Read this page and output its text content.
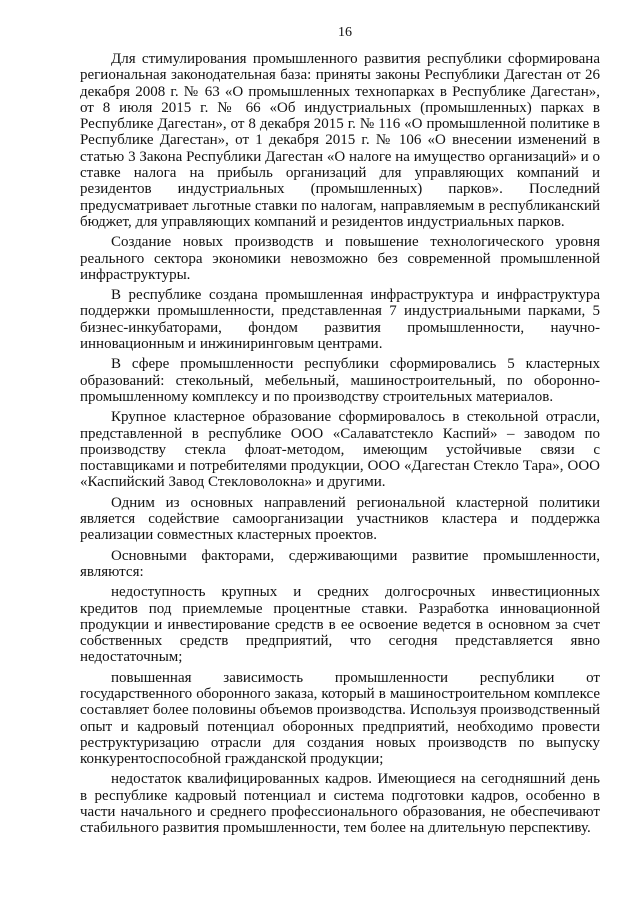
16

Для стимулирования промышленного развития республики сформирована региональная законодательная база: приняты законы Республики Дагестан от 26 декабря 2008 г. № 63 «О промышленных технопарках в Республике Дагестан», от 8 июля 2015 г. № 66 «Об индустриальных (промышленных) парках в Республике Дагестан», от 8 декабря 2015 г. № 116 «О промышленной политике в Республике Дагестан», от 1 декабря 2015 г. № 106 «О внесении изменений в статью 3 Закона Республики Дагестан «О налоге на имущество организаций» и о ставке налога на прибыль организаций для управляющих компаний и резидентов индустриальных (промышленных) парков». Последний предусматривает льготные ставки по налогам, направляемым в республиканский бюджет, для управляющих компаний и резидентов индустриальных парков.

Создание новых производств и повышение технологического уровня реального сектора экономики невозможно без современной промышленной инфраструктуры.

В республике создана промышленная инфраструктура и инфраструктура поддержки промышленности, представленная 7 индустриальными парками, 5 бизнес-инкубаторами, фондом развития промышленности, научно-инновационным и инжиниринговым центрами.

В сфере промышленности республики сформировались 5 кластерных образований: стекольный, мебельный, машиностроительный, по оборонно-промышленному комплексу и по производству строительных материалов.

Крупное кластерное образование сформировалось в стекольной отрасли, представленной в республике ООО «Салаватстекло Каспий» – заводом по производству стекла флоат-методом, имеющим устойчивые связи с поставщиками и потребителями продукции, ООО «Дагестан Стекло Тара», ООО «Каспийский Завод Стекловолокна» и другими.

Одним из основных направлений региональной кластерной политики является содействие самоорганизации участников кластера и поддержка реализации совместных кластерных проектов.

Основными факторами, сдерживающими развитие промышленности, являются:

недоступность крупных и средних долгосрочных инвестиционных кредитов под приемлемые процентные ставки. Разработка инновационной продукции и инвестирование средств в ее освоение ведется в основном за счет собственных средств предприятий, что сегодня представляется явно недостаточным;

повышенная зависимость промышленности республики от государственного оборонного заказа, который в машиностроительном комплексе составляет более половины объемов производства. Используя производственный опыт и кадровый потенциал оборонных предприятий, необходимо провести реструктуризацию отрасли для создания новых производств по выпуску конкурентоспособной гражданской продукции;

недостаток квалифицированных кадров. Имеющиеся на сегодняшний день в республике кадровый потенциал и система подготовки кадров, особенно в части начального и среднего профессионального образования, не обеспечивают стабильного развития промышленности, тем более на длительную перспективу.
